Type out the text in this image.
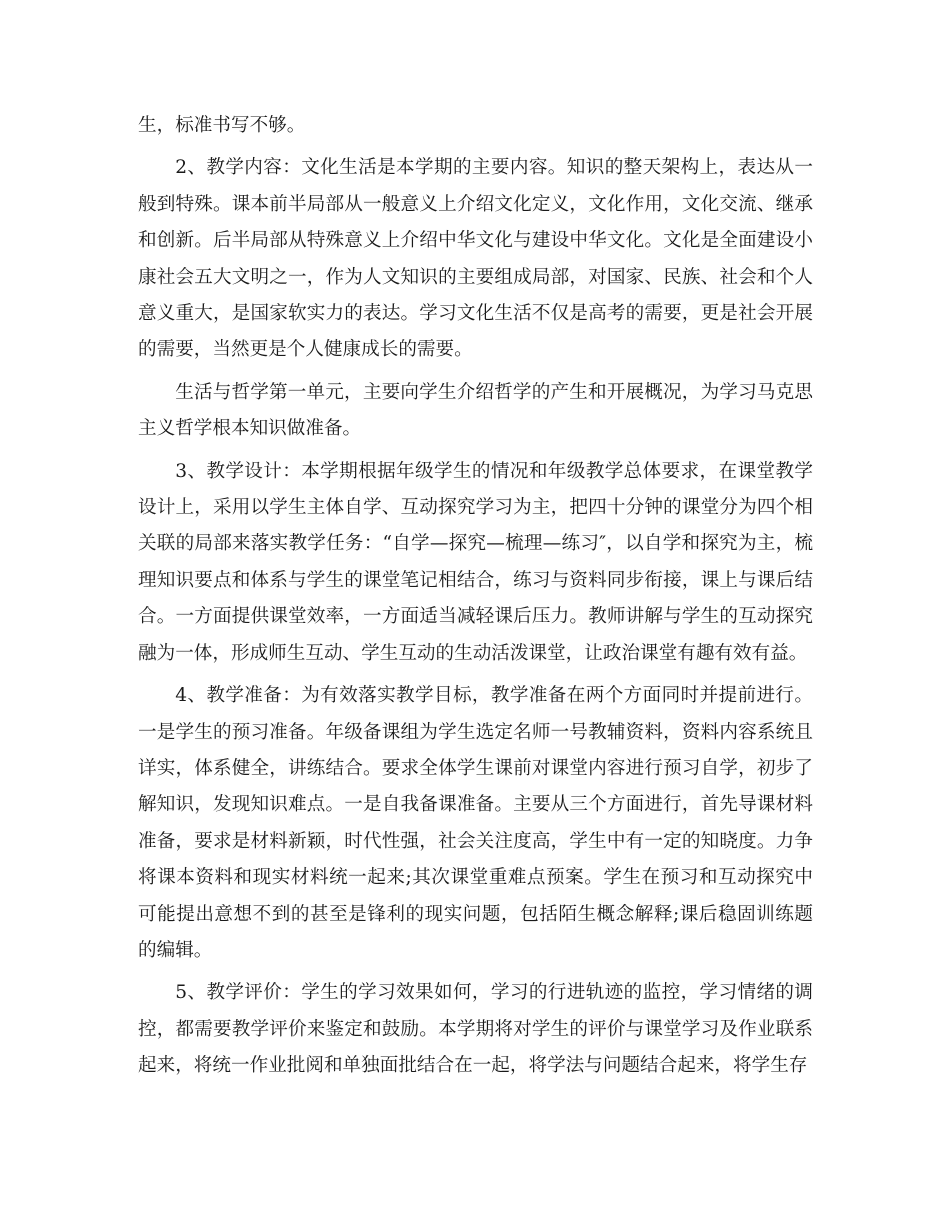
生，标准书写不够。

2、教学内容：文化生活是本学期的主要内容。知识的整天架构上，表达从一般到特殊。课本前半局部从一般意义上介绍文化定义，文化作用，文化交流、继承和创新。后半局部从特殊意义上介绍中华文化与建设中华文化。文化是全面建设小康社会五大文明之一，作为人文知识的主要组成局部，对国家、民族、社会和个人意义重大，是国家软实力的表达。学习文化生活不仅是高考的需要，更是社会开展的需要，当然更是个人健康成长的需要。

生活与哲学第一单元，主要向学生介绍哲学的产生和开展概况，为学习马克思主义哲学根本知识做准备。

3、教学设计：本学期根据年级学生的情况和年级教学总体要求，在课堂教学设计上，采用以学生主体自学、互动探究学习为主，把四十分钟的课堂分为四个相关联的局部来落实教学任务：“自学—探究—梳理—练习″，以自学和探究为主，梳理知识要点和体系与学生的课堂笔记相结合，练习与资料同步衔接，课上与课后结合。一方面提供课堂效率，一方面适当减轻课后压力。教师讲解与学生的互动探究融为一体，形成师生互动、学生互动的生动活泼课堂，让政治课堂有趣有效有益。

4、教学准备：为有效落实教学目标，教学准备在两个方面同时并提前进行。一是学生的预习准备。年级备课组为学生选定名师一号教辅资料，资料内容系统且详实，体系健全，讲练结合。要求全体学生课前对课堂内容进行预习自学，初步了解知识，发现知识难点。一是自我备课准备。主要从三个方面进行，首先导课材料准备，要求是材料新颖，时代性强，社会关注度高，学生中有一定的知晓度。力争将课本资料和现实材料统一起来;其次课堂重难点预案。学生在预习和互动探究中可能提出意想不到的甚至是锋利的现实问题，包括陌生概念解释;课后稳固训练题的编辑。

5、教学评价：学生的学习效果如何，学习的行进轨迹的监控，学习情绪的调控，都需要教学评价来鉴定和鼓励。本学期将对学生的评价与课堂学习及作业联系起来，将统一作业批阅和单独面批结合在一起，将学法与问题结合起来，将学生存
